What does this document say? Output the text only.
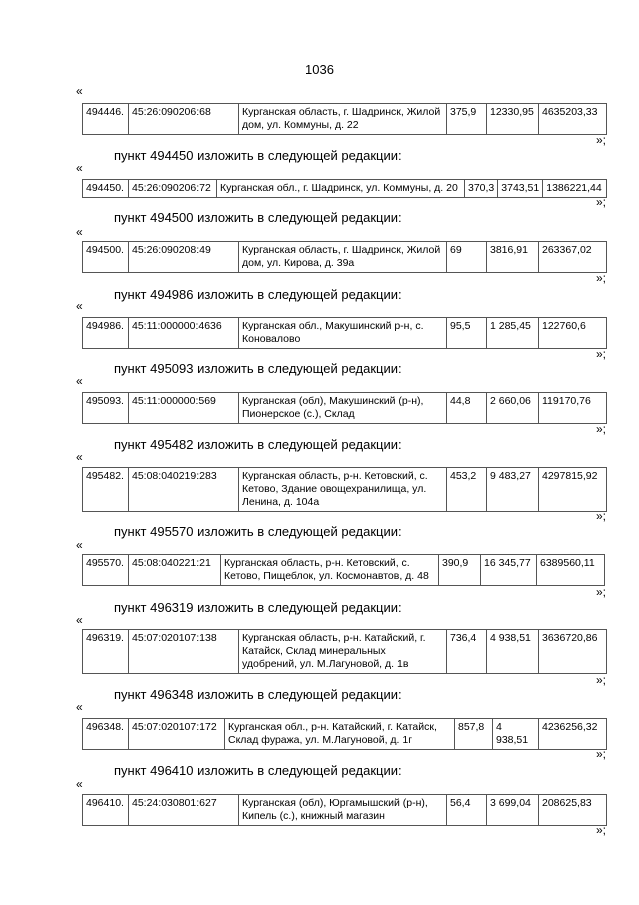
1036
«
494446.	45:26:090206:68	Курганская область, г. Шадринск, Жилой дом, ул. Коммуны, д. 22	375,9	12330,95	4635203,33
»;
пункт 494450 изложить в следующей редакции:
«
494450.	45:26:090206:72	Курганская обл., г. Шадринск, ул. Коммуны, д. 20	370,3	3743,51	1386221,44
»;
пункт 494500 изложить в следующей редакции:
«
494500.	45:26:090208:49	Курганская область, г. Шадринск, Жилой дом, ул. Кирова, д. 39а	69	3816,91	263367,02
»;
пункт 494986 изложить в следующей редакции:
«
494986.	45:11:000000:4636	Курганская обл., Макушинский р-н, с. Коновалово	95,5	1 285,45	122760,6
»;
пункт 495093 изложить в следующей редакции:
«
495093.	45:11:000000:569	Курганская (обл), Макушинский (р-н), Пионерское (с.), Склад	44,8	2 660,06	119170,76
»;
пункт 495482 изложить в следующей редакции:
«
495482.	45:08:040219:283	Курганская область, р-н. Кетовский, с. Кетово, Здание овощехранилища, ул. Ленина, д. 104а	453,2	9 483,27	4297815,92
»;
пункт 495570 изложить в следующей редакции:
«
495570.	45:08:040221:21	Курганская область, р-н. Кетовский, с. Кетово, Пищеблок, ул. Космонавтов, д. 48	390,9	16 345,77	6389560,11
»;
пункт 496319 изложить в следующей редакции:
«
496319.	45:07:020107:138	Курганская область, р-н. Катайский, г. Катайск, Склад минеральных удобрений, ул. М.Лагуновой, д. 1в	736,4	4 938,51	3636720,86
»;
пункт 496348 изложить в следующей редакции:
«
496348.	45:07:020107:172	Курганская обл., р-н. Катайский, г. Катайск, Склад фуража, ул. М.Лагуновой, д. 1г	857,8	4 938,51	4236256,32
»;
пункт 496410 изложить в следующей редакции:
«
496410.	45:24:030801:627	Курганская (обл), Юргамышский (р-н), Кипель (с.), книжный магазин	56,4	3 699,04	208625,83
»;
